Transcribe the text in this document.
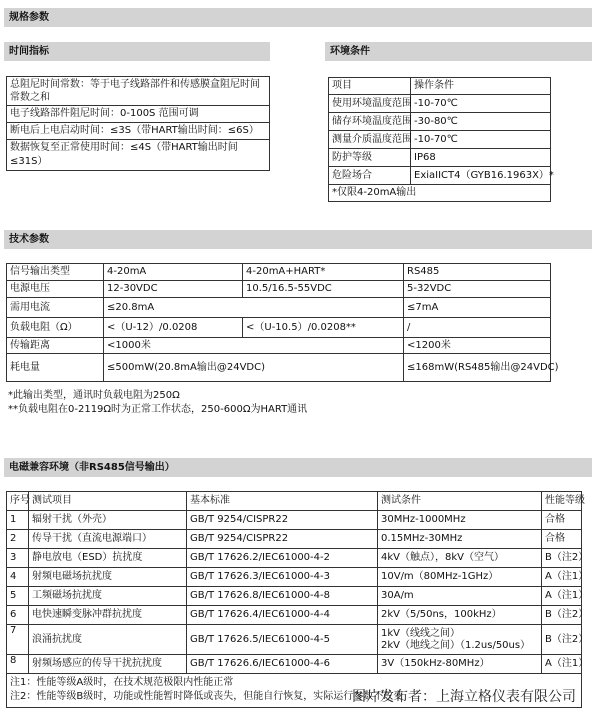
规格参数
时间指标
总阻尼时间常数：等于电子线路部件和传感膜盒阻尼时间常数之和
电子线路部件阻尼时间：0-100S 范围可调
断电后上电启动时间：≤3S（带HART输出时间：≤6S）
数据恢复至正常使用时间：≤4S（带HART输出时间≤31S）
环境条件
项目	操作条件
使用环境温度范围	-10-70℃
储存环境温度范围	-30-80℃
测量介质温度范围	-10-70℃
防护等级	IP68
危险场合	ExiaIICT4（GYB16.1963X）*
*仅限4-20mA输出	
技术参数
信号输出类型	4-20mA	4-20mA+HART*	RS485
电源电压	12-30VDC	10.5/16.5-55VDC	5-32VDC
需用电流	≤20.8mA		≤7mA
负载电阻（Ω）	<（U-12）/0.0208	<（U-10.5）/0.0208**	/
传输距离	<1000米		<1200米
耗电量	≤500mW(20.8mA输出@24VDC)		≤168mW(RS485输出@24VDC)
*此输出类型，通讯时负载电阻为250Ω
**负载电阻在0-2119Ω时为正常工作状态，250-600Ω为HART通讯
电磁兼容环境（非RS485信号输出）
序号	测试项目	基本标准	测试条件	性能等级
1	辐射干扰（外壳）	GB/T 9254/CISPR22	30MHz-1000MHz	合格
2	传导干扰（直流电源端口）	GB/T 9254/CISPR22	0.15MHz-30MHz	合格
3	静电放电（ESD）抗扰度	GB/T 17626.2/IEC61000-4-2	4kV（触点），8kV（空气）	B（注2）
4	射频电磁场抗扰度	GB/T 17626.3/IEC61000-4-3	10V/m（80MHz-1GHz）	A（注1）
5	工频磁场抗扰度	GB/T 17626.8/IEC61000-4-8	30A/m	A（注1）
6	电快速瞬变脉冲群抗扰度	GB/T 17626.4/IEC61000-4-4	2kV（5/50ns，100kHz）	B（注2）
7	浪涌抗扰度	GB/T 17626.5/IEC61000-4-5	1kV（线线之间）
2kV（地线之间）（1.2us/50us）	B（注2）
8	射频场感应的传导干扰抗扰度	GB/T 17626.6/IEC61000-4-6	3V（150kHz-80MHz）	A（注1）

注1：性能等级A级时，在技术规范极限内性能正常
注2：性能等级B级时，功能或性能暂时降低或丧失，但能自行恢复，实际运行参数不改变				
图片发布者：上海立格仪表有限公司
